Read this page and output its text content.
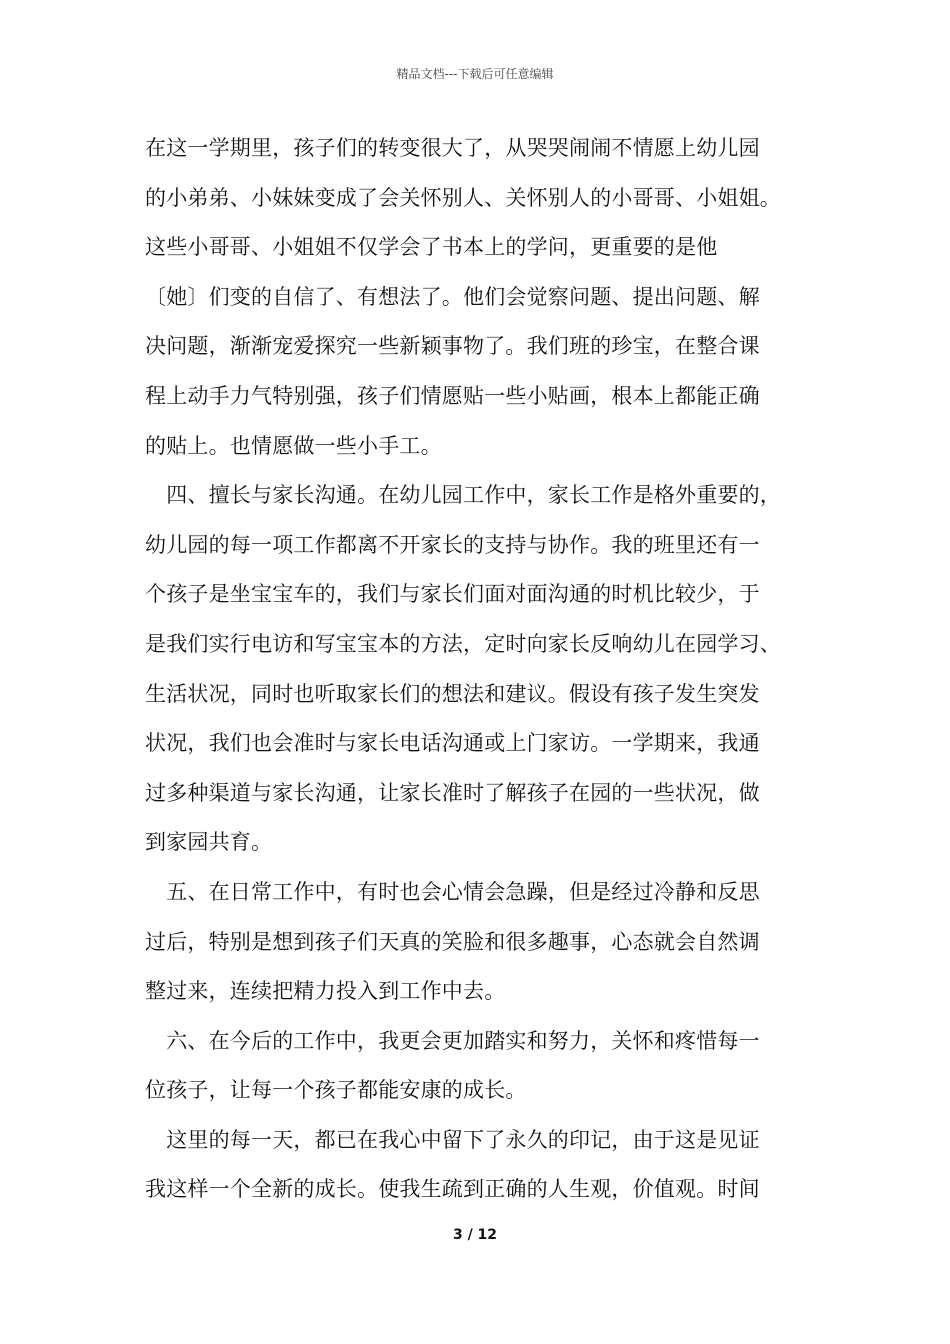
精品文档---下载后可任意编辑
在这一学期里，孩子们的转变很大了，从哭哭闹闹不情愿上幼儿园
的小弟弟、小妹妹变成了会关怀别人、关怀别人的小哥哥、小姐姐。
这些小哥哥、小姐姐不仅学会了书本上的学问，更重要的是他
〔她〕们变的自信了、有想法了。他们会觉察问题、提出问题、解
决问题，渐渐宠爱探究一些新颖事物了。我们班的珍宝，在整合课
程上动手力气特别强，孩子们情愿贴一些小贴画，根本上都能正确
的贴上。也情愿做一些小手工。
　四、擅长与家长沟通。在幼儿园工作中，家长工作是格外重要的，
幼儿园的每一项工作都离不开家长的支持与协作。我的班里还有一
个孩子是坐宝宝车的，我们与家长们面对面沟通的时机比较少，于
是我们实行电访和写宝宝本的方法，定时向家长反响幼儿在园学习、
生活状况，同时也听取家长们的想法和建议。假设有孩子发生突发
状况，我们也会准时与家长电话沟通或上门家访。一学期来，我通
过多种渠道与家长沟通，让家长准时了解孩子在园的一些状况，做
到家园共育。
　五、在日常工作中，有时也会心情会急躁，但是经过冷静和反思
过后，特别是想到孩子们天真的笑脸和很多趣事，心态就会自然调
整过来，连续把精力投入到工作中去。
　六、在今后的工作中，我更会更加踏实和努力，关怀和疼惜每一
位孩子，让每一个孩子都能安康的成长。
　这里的每一天，都已在我心中留下了永久的印记，由于这是见证
我这样一个全新的成长。使我生疏到正确的人生观，价值观。时间
3 / 12
